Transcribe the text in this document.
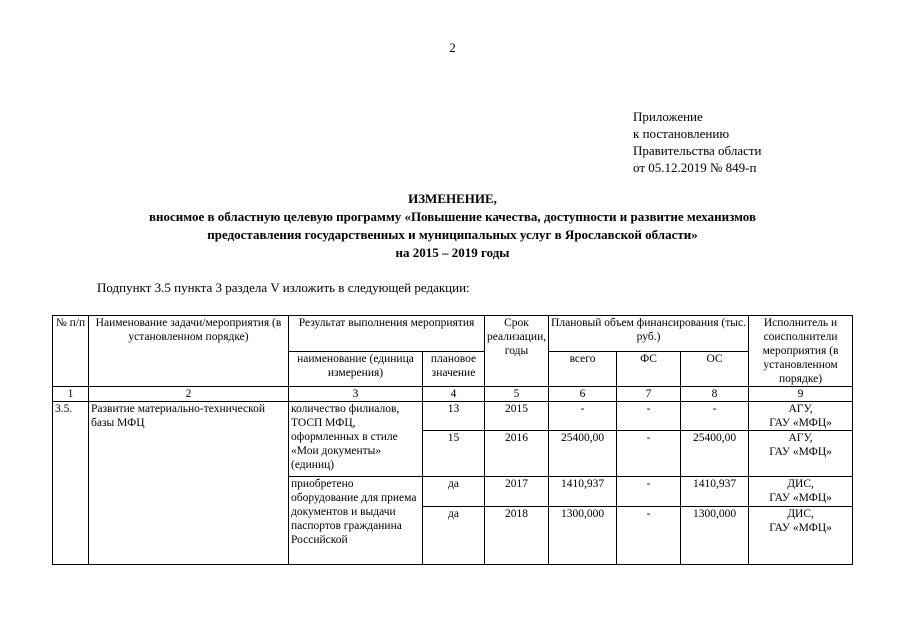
2
Приложение
к постановлению
Правительства области
от 05.12.2019 № 849-п
ИЗМЕНЕНИЕ,
вносимое в областную целевую программу «Повышение качества, доступности и развитие механизмов
предоставления государственных и муниципальных услуг в Ярославской области»
на 2015 – 2019 годы
Подпункт 3.5 пункта 3 раздела V изложить в следующей редакции:
№ п/п	Наименование задачи/мероприятия (в установленном порядке)	Результат выполнения мероприятия		Срок реализации, годы	Плановый объем финансирования (тыс. руб.)			Исполнитель и соисполнители мероприятия (в установленном порядке)
		наименование (единица измерения)	плановое значение		всего	ФС	ОС	
1	2	3	4	5	6	7	8	9
3.5.	Развитие материально-технической базы МФЦ	количество филиалов, ТОСП МФЦ, оформленных в стиле «Мои документы» (единиц)	13	2015	-	-	-	АГУ,
ГАУ «МФЦ»

			15	2016	25400,00	-	25400,00	АГУ,
ГАУ «МФЦ»

		приобретено оборудование для приема документов и выдачи паспортов гражданина Российской	да	2017	1410,937	-	1410,937	ДИС,
ГАУ «МФЦ»

			да	2018	1300,000	-	1300,000	ДИС,
ГАУ «МФЦ»
